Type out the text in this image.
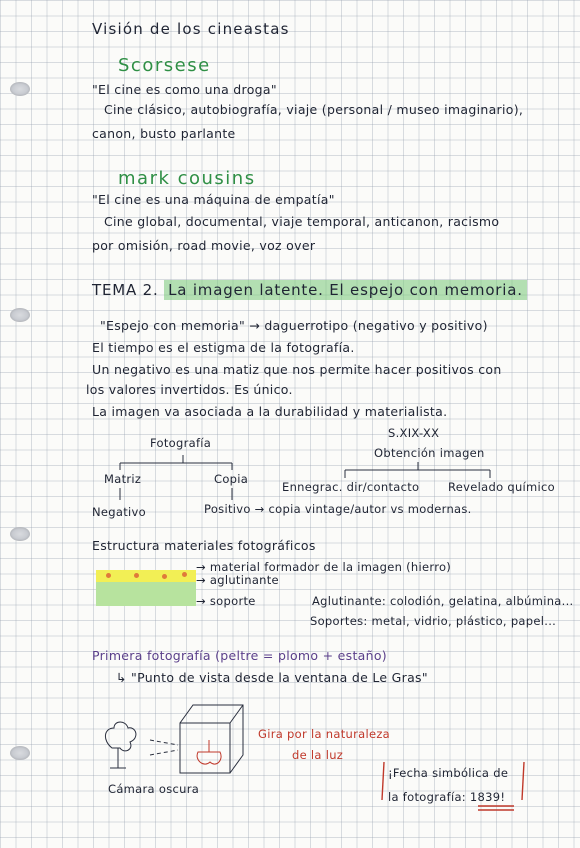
Visión de los cineastas
Scorsese
"El cine es como una droga"
Cine clásico, autobiografía, viaje (personal / museo imaginario),
canon, busto parlante
mark cousins
"El cine es una máquina de empatía"
Cine global, documental, viaje temporal, anticanon, racismo
por omisión, road movie, voz over
TEMA 2. La imagen latente. El espejo con memoria.
"Espejo con memoria" → daguerrotipo (negativo y positivo)
El tiempo es el estigma de la fotografía.
Un negativo es una matiz que nos permite hacer positivos con
los valores invertidos. Es único.
La imagen va asociada a la durabilidad y materialista.
Fotografía
Matriz	Copia
Negativo	Positivo → copia vintage/autor vs modernas.
S.XIX-XX
Obtención imagen
Ennegrac. dir/contacto Revelado químico
Estructura materiales fotográficos
→ material formador de la imagen (hierro)
→ aglutinante
→ soporte	Aglutinante: colodión, gelatina, albúmina...
Soportes: metal, vidrio, plástico, papel...
Primera fotografía (peltre = plomo + estaño)
↳ "Punto de vista desde la ventana de Le Gras"
Gira por la naturaleza
de la luz
Cámara oscura
¡Fecha simbólica de
la fotografía: 1839!
